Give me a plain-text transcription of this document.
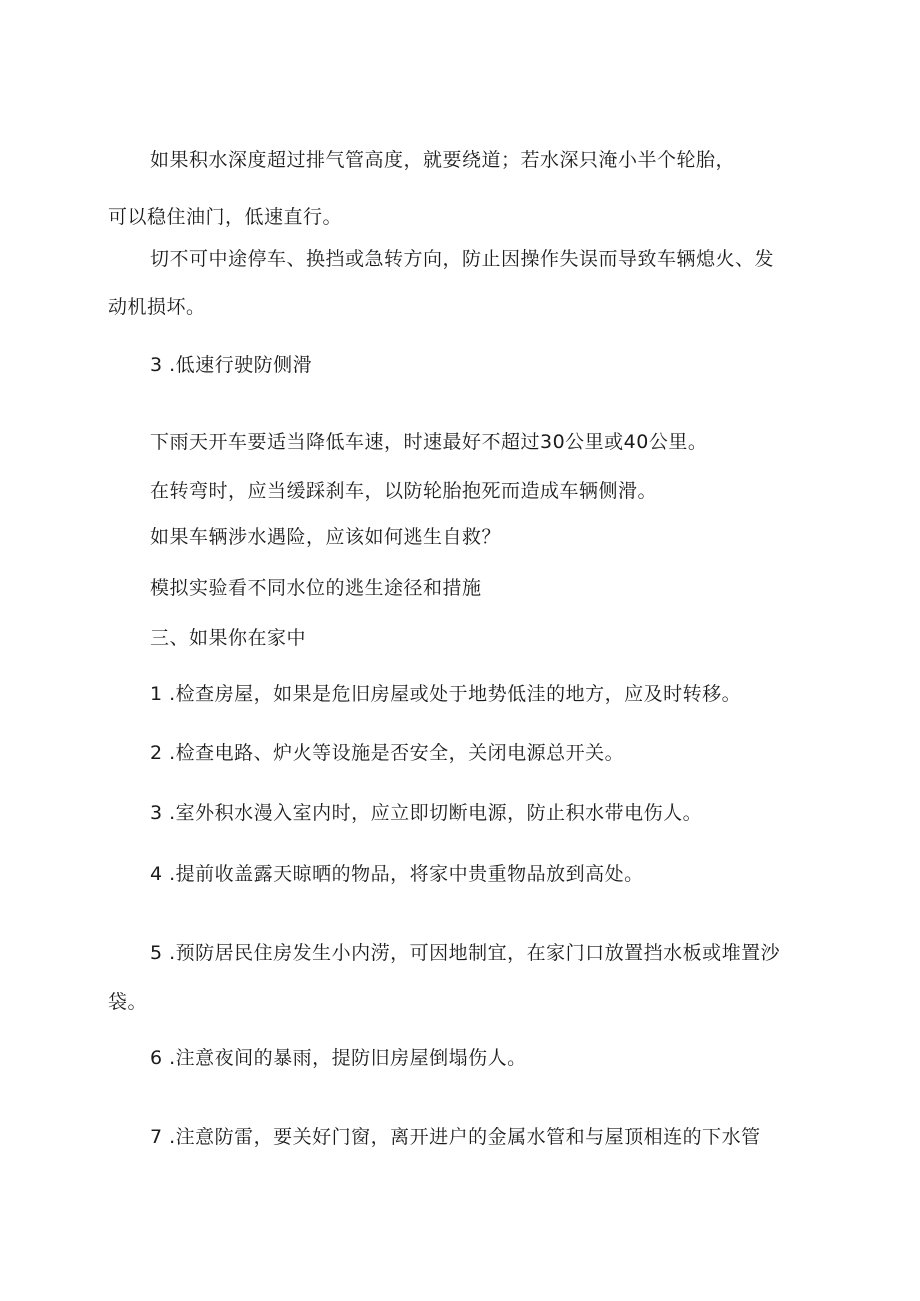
如果积水深度超过排气管高度，就要绕道；若水深只淹小半个轮胎，
可以稳住油门，低速直行。
切不可中途停车、换挡或急转方向，防止因操作失误而导致车辆熄火、发
动机损坏。
3 .低速行驶防侧滑
下雨天开车要适当降低车速，时速最好不超过30公里或40公里。
在转弯时，应当缓踩刹车，以防轮胎抱死而造成车辆侧滑。
如果车辆涉水遇险，应该如何逃生自救？
模拟实验看不同水位的逃生途径和措施
三、如果你在家中
1 .检查房屋，如果是危旧房屋或处于地势低洼的地方，应及时转移。
2 .检查电路、炉火等设施是否安全，关闭电源总开关。
3 .室外积水漫入室内时，应立即切断电源，防止积水带电伤人。
4 .提前收盖露天晾晒的物品，将家中贵重物品放到高处。
5 .预防居民住房发生小内涝，可因地制宜，在家门口放置挡水板或堆置沙
袋。
6 .注意夜间的暴雨，提防旧房屋倒塌伤人。
7 .注意防雷，要关好门窗，离开进户的金属水管和与屋顶相连的下水管
